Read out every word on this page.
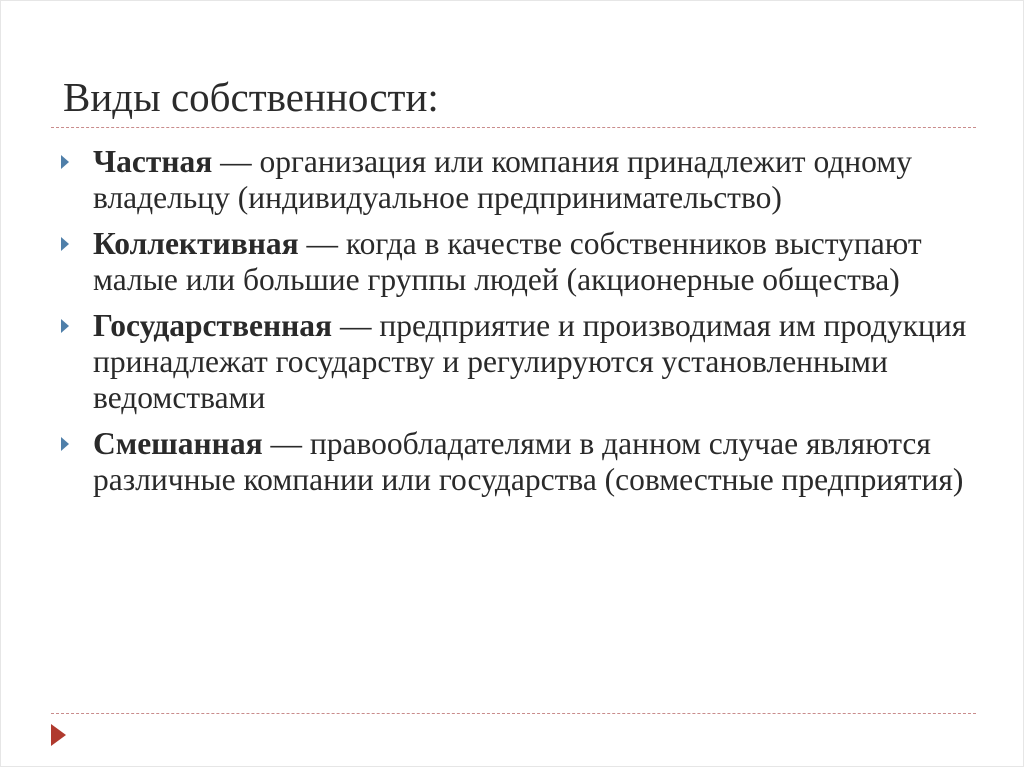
Виды собственности:
Частная — организация или компания принадлежит одному владельцу (индивидуальное предпринимательство)
Коллективная — когда в качестве собственников выступают малые или большие группы людей (акционерные общества)
Государственная — предприятие и производимая им продукция принадлежат государству и регулируются установленными ведомствами
Смешанная — правообладателями в данном случае являются различные компании или государства (совместные предприятия)
